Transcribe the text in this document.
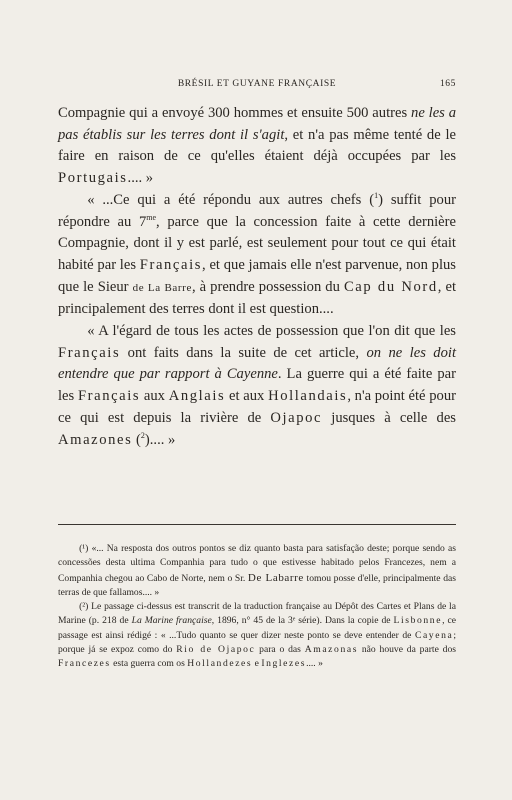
BRÉSIL ET GUYANE FRANÇAISE	165

Compagnie qui a envoyé 300 hommes et ensuite 500 autres ne les a pas établis sur les terres dont il s'agit, et n'a pas même tenté de le faire en raison de ce qu'elles étaient déjà occupées par les Portugais.... »

« ...Ce qui a été répondu aux autres chefs ($^1$) suffit pour répondre au $7^{me}$, parce que la concession faite à cette dernière Compagnie, dont il y est parlé, est seulement pour tout ce qui était habité par les Français, et que jamais elle n'est parvenue, non plus que le Sieur de La Barre, à prendre possession du Cap du Nord, et principalement des terres dont il est question....

« A l'égard de tous les actes de possession que l'on dit que les Français ont faits dans la suite de cet article, on ne les doit entendre que par rapport à Cayenne. La guerre qui a été faite par les Français aux Anglais et aux Hollandais, n'a point été pour ce qui est depuis la rivière de Ojapoc jusques à celle des Amazones ($^2$).... »

(¹) «... Na resposta dos outros pontos se diz quanto basta para satisfação deste; porque sendo as concessões desta ultima Companhia para tudo o que estivesse habitado pelos Francezes, nem a Companhia chegou ao Cabo de Norte, nem o Sr. De Labarre tomou posse d'elle, principalmente das terras de que fallamos.... »

(²) Le passage ci-dessus est transcrit de la traduction française au Dépôt des Cartes et Plans de la Marine (p. 218 de La Marine française, 1896, n° 45 de la 3ᵉ série). Dans la copie de Lisbonne, ce passage est ainsi rédigé : « ...Tudo quanto se quer dizer neste ponto se deve entender de Cayena; porque já se expoz como do Rio de Ojapoc para o das Amazonas não houve da parte dos Francezes esta guerra com os Hollandezes e Inglezes.... »
